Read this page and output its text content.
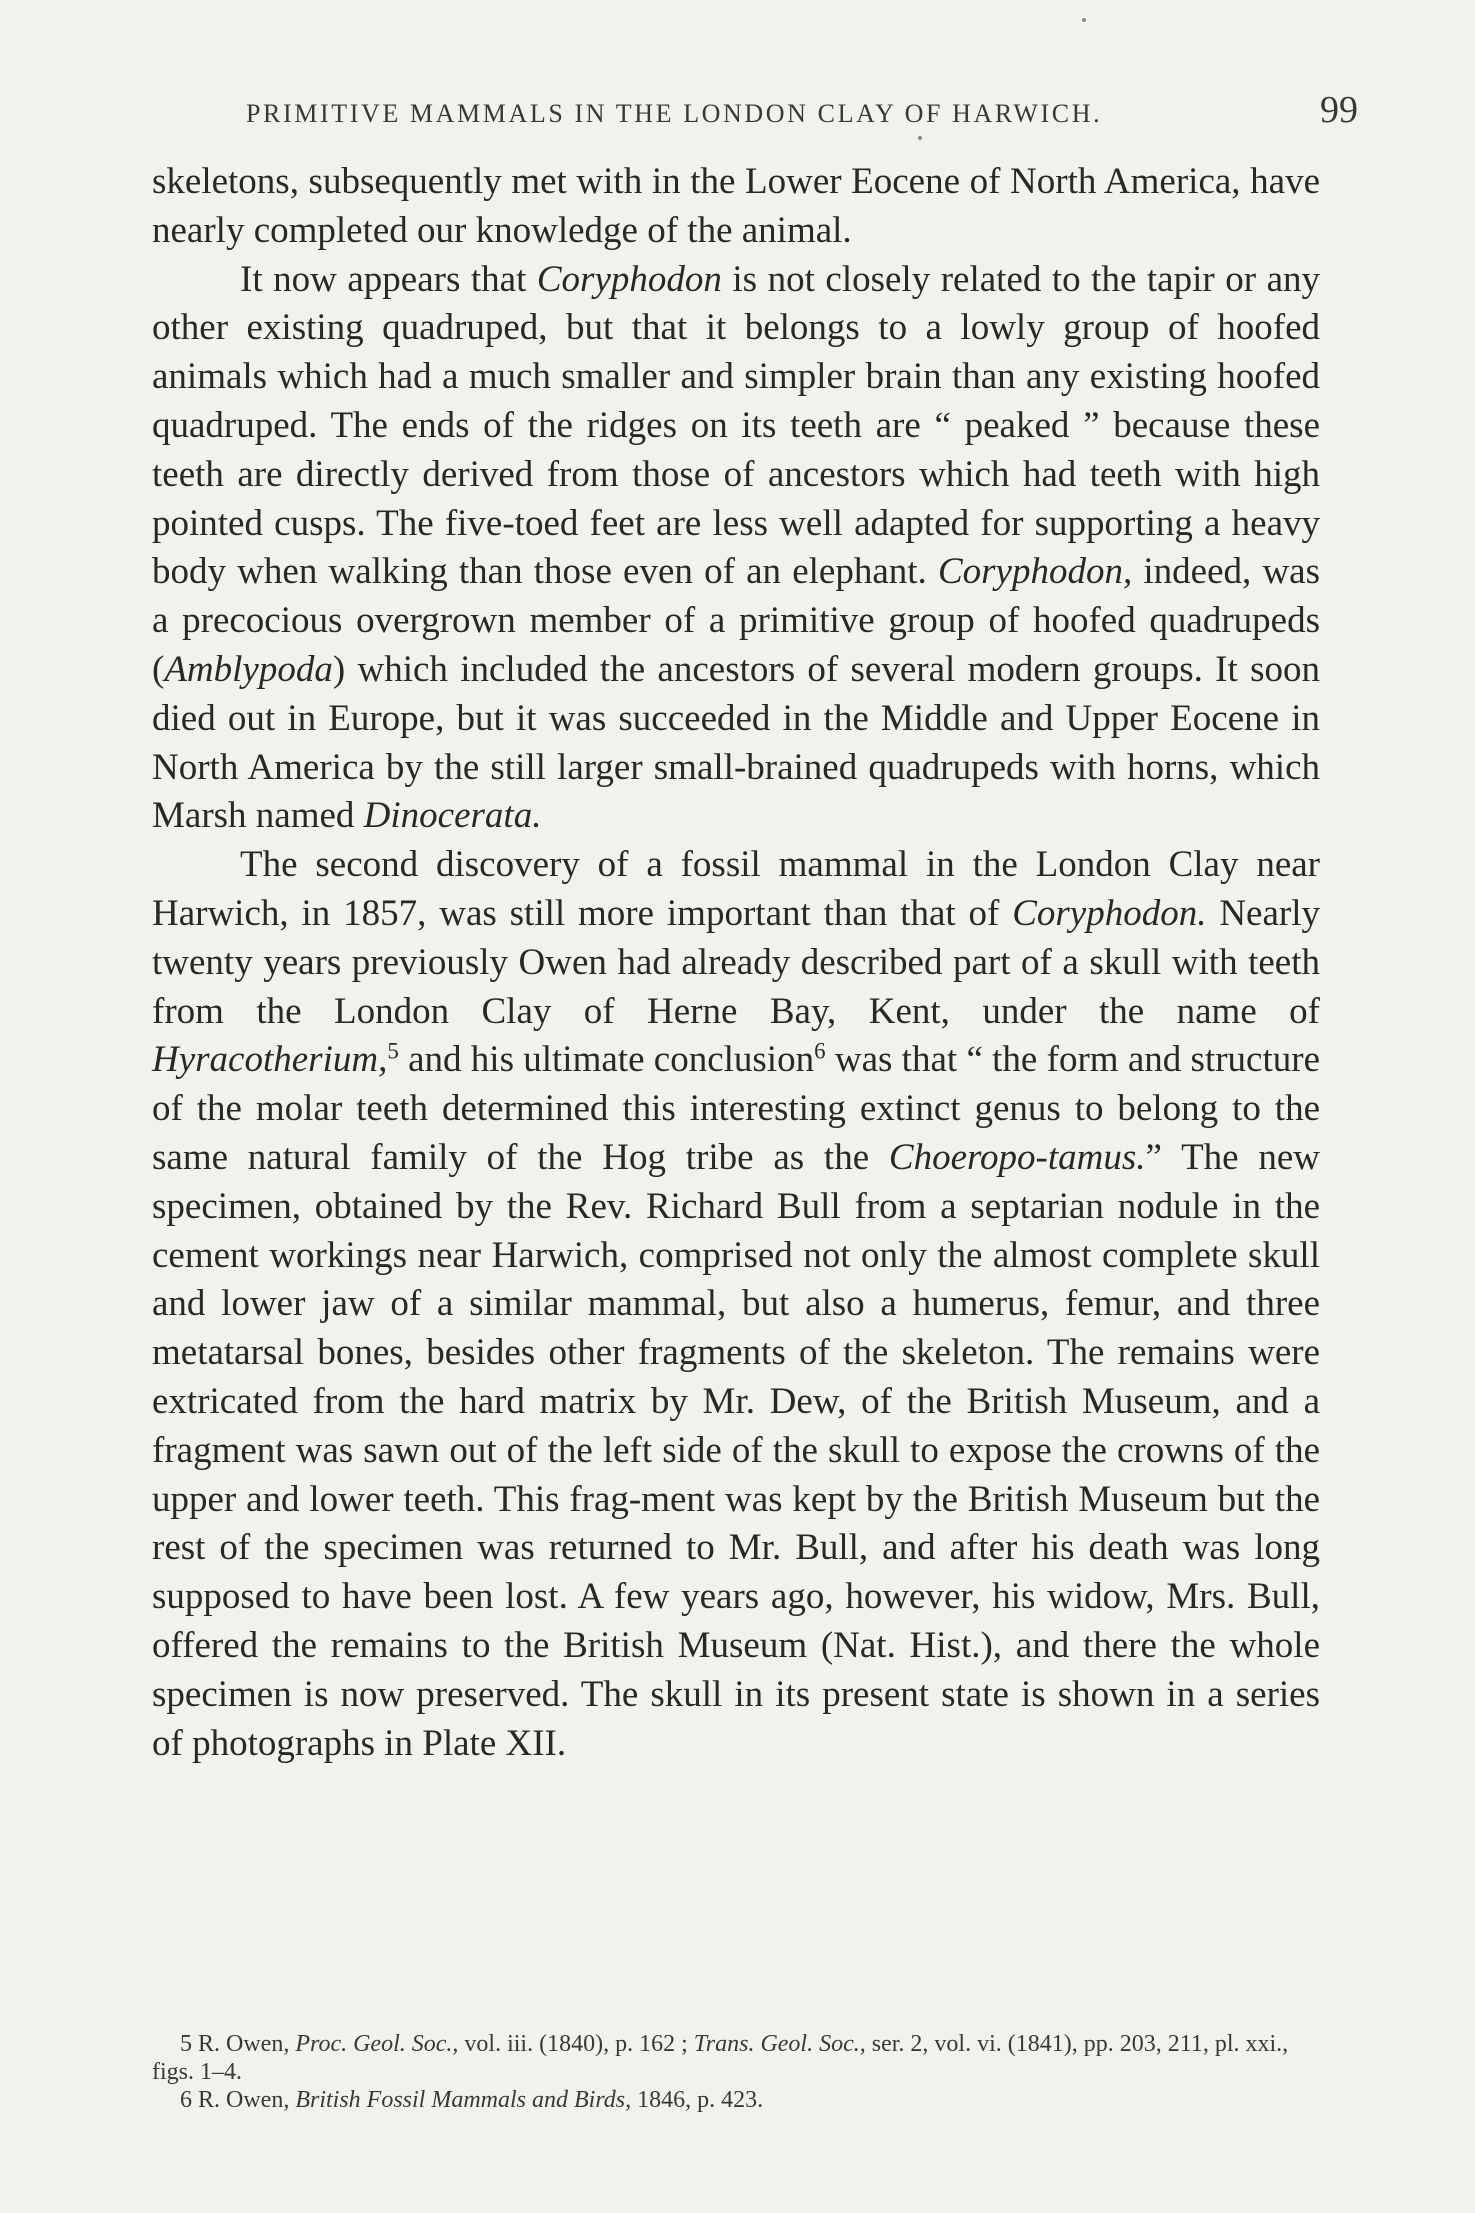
PRIMITIVE MAMMALS IN THE LONDON CLAY OF HARWICH.	99

skeletons, subsequently met with in the Lower Eocene of North America, have nearly completed our knowledge of the animal.

It now appears that Coryphodon is not closely related to the tapir or any other existing quadruped, but that it belongs to a lowly group of hoofed animals which had a much smaller and simpler brain than any existing hoofed quadruped. The ends of the ridges on its teeth are “ peaked ” because these teeth are directly derived from those of ancestors which had teeth with high pointed cusps. The five-toed feet are less well adapted for supporting a heavy body when walking than those even of an elephant. Coryphodon, indeed, was a precocious overgrown member of a primitive group of hoofed quadrupeds (Amblypoda) which included the ancestors of several modern groups. It soon died out in Europe, but it was succeeded in the Middle and Upper Eocene in North America by the still larger small-brained quadrupeds with horns, which Marsh named Dinocerata.

The second discovery of a fossil mammal in the London Clay near Harwich, in 1857, was still more important than that of Coryphodon. Nearly twenty years previously Owen had already described part of a skull with teeth from the London Clay of Herne Bay, Kent, under the name of Hyracotherium,$^5$ and his ultimate conclusion$^6$ was that “ the form and structure of the molar teeth determined this interesting extinct genus to belong to the same natural family of the Hog tribe as the Choeropo-tamus.” The new specimen, obtained by the Rev. Richard Bull from a septarian nodule in the cement workings near Harwich, comprised not only the almost complete skull and lower jaw of a similar mammal, but also a humerus, femur, and three metatarsal bones, besides other fragments of the skeleton. The remains were extricated from the hard matrix by Mr. Dew, of the British Museum, and a fragment was sawn out of the left side of the skull to expose the crowns of the upper and lower teeth. This frag-ment was kept by the British Museum but the rest of the specimen was returned to Mr. Bull, and after his death was long supposed to have been lost. A few years ago, however, his widow, Mrs. Bull, offered the remains to the British Museum (Nat. Hist.), and there the whole specimen is now preserved. The skull in its present state is shown in a series of photographs in Plate XII.

5 R. Owen, Proc. Geol. Soc., vol. iii. (1840), p. 162 ; Trans. Geol. Soc., ser. 2, vol. vi. (1841), pp. 203, 211, pl. xxi., figs. 1–4.

6 R. Owen, British Fossil Mammals and Birds, 1846, p. 423.
